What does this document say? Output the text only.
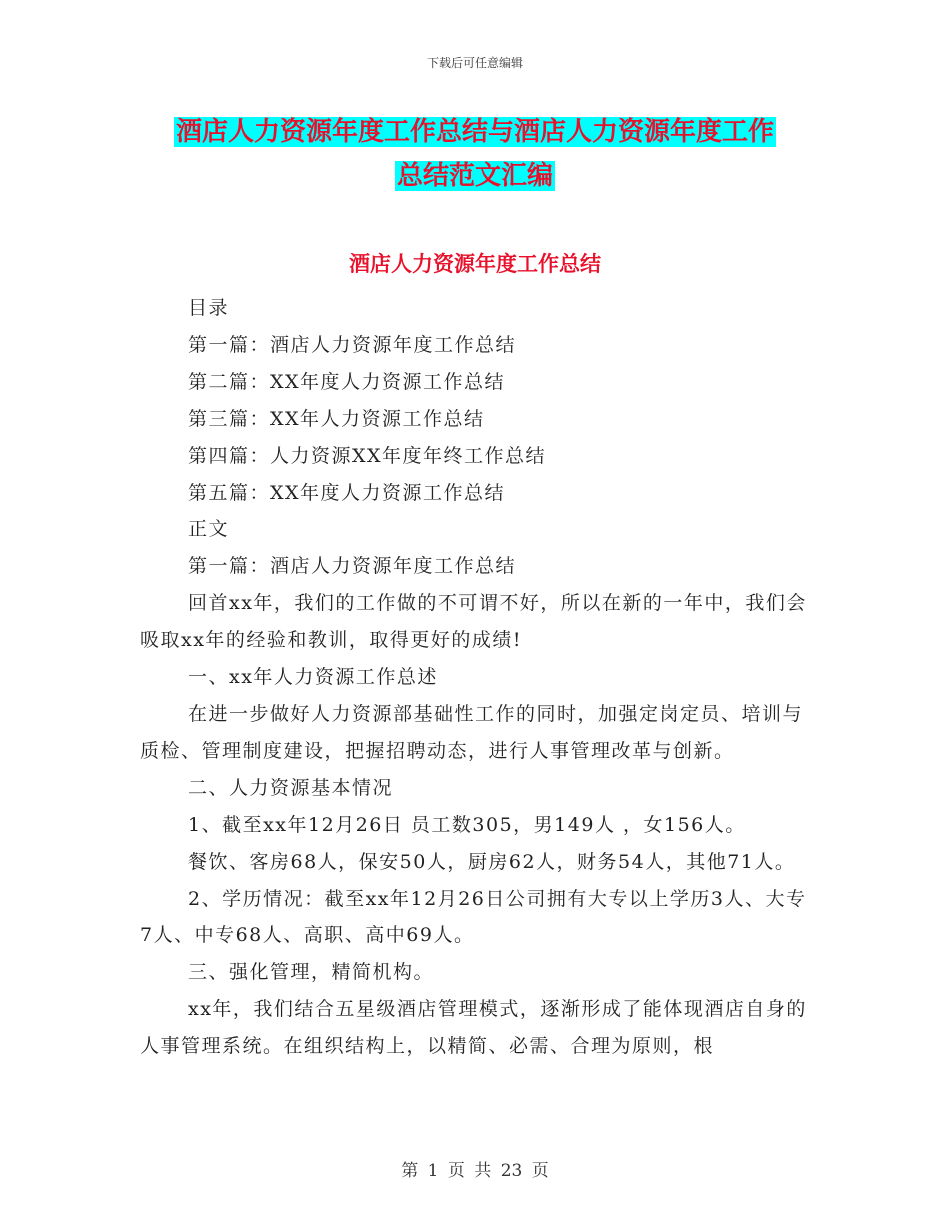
下载后可任意编辑
酒店人力资源年度工作总结与酒店人力资源年度工作
总结范文汇编
酒店人力资源年度工作总结

目录

第一篇：酒店人力资源年度工作总结

第二篇：XX年度人力资源工作总结

第三篇：XX年人力资源工作总结

第四篇：人力资源XX年度年终工作总结

第五篇：XX年度人力资源工作总结

正文

第一篇：酒店人力资源年度工作总结

回首xx年，我们的工作做的不可谓不好，所以在新的一年中，我们会吸取xx年的经验和教训，取得更好的成绩!

一、xx年人力资源工作总述

在进一步做好人力资源部基础性工作的同时，加强定岗定员、培训与质检、管理制度建设，把握招聘动态，进行人事管理改革与创新。

二、人力资源基本情况

1、截至xx年12月26日 员工数305，男149人 ，女156人。

餐饮、客房68人，保安50人，厨房62人，财务54人，其他71人。

2、学历情况：截至xx年12月26日公司拥有大专以上学历3人、大专7人、中专68人、高职、高中69人。

三、强化管理，精简机构。

xx年，我们结合五星级酒店管理模式，逐渐形成了能体现酒店自身的人事管理系统。在组织结构上，以精简、必需、合理为原则，根

第 1 页 共 23 页
